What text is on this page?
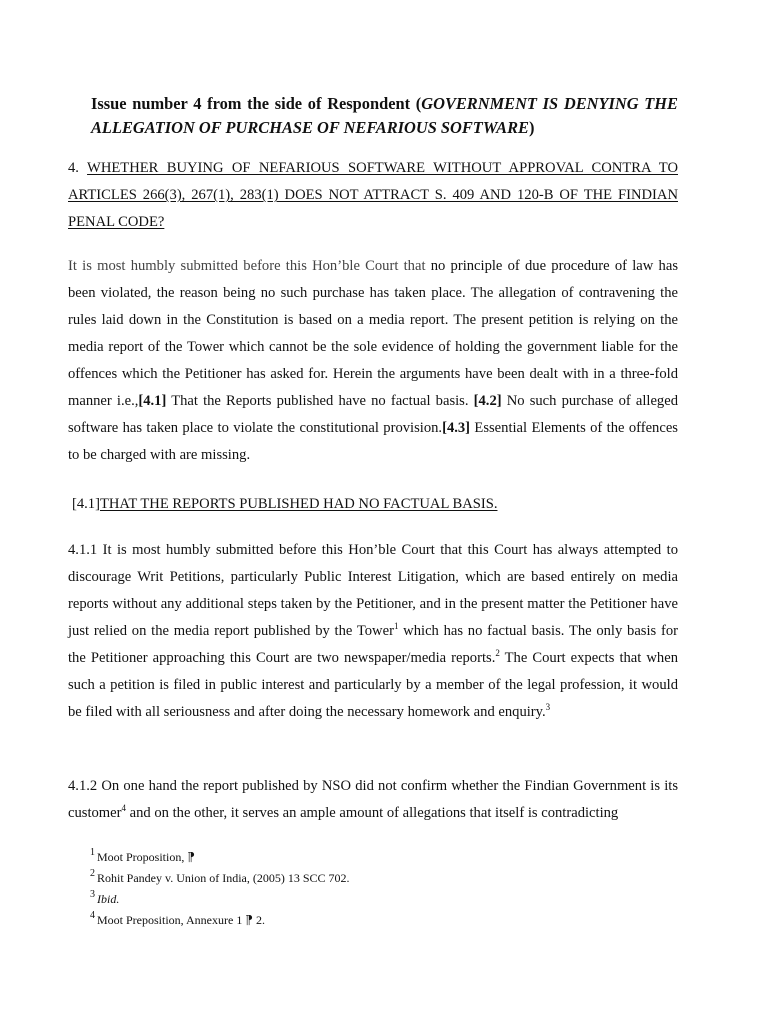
Issue number 4 from the side of Respondent (GOVERNMENT IS DENYING THE ALLEGATION OF PURCHASE OF NEFARIOUS SOFTWARE)
4. WHETHER BUYING OF NEFARIOUS SOFTWARE WITHOUT APPROVAL CONTRA TO ARTICLES 266(3), 267(1), 283(1) DOES NOT ATTRACT S. 409 AND 120-B OF THE FINDIAN PENAL CODE?
It is most humbly submitted before this Hon’ble Court that no principle of due procedure of law has been violated, the reason being no such purchase has taken place. The allegation of contravening the rules laid down in the Constitution is based on a media report. The present petition is relying on the media report of the Tower which cannot be the sole evidence of holding the government liable for the offences which the Petitioner has asked for. Herein the arguments have been dealt with in a three-fold manner i.e.,[4.1] That the Reports published have no factual basis. [4.2] No such purchase of alleged software has taken place to violate the constitutional provision.[4.3] Essential Elements of the offences to be charged with are missing.
[4.1]THAT THE REPORTS PUBLISHED HAD NO FACTUAL BASIS.
4.1.1 It is most humbly submitted before this Hon’ble Court that this Court has always attempted to discourage Writ Petitions, particularly Public Interest Litigation, which are based entirely on media reports without any additional steps taken by the Petitioner, and in the present matter the Petitioner have just relied on the media report published by the Tower$^1$ which has no factual basis. The only basis for the Petitioner approaching this Court are two newspaper/media reports.$^2$ The Court expects that when such a petition is filed in public interest and particularly by a member of the legal profession, it would be filed with all seriousness and after doing the necessary homework and enquiry.$^3$
4.1.2 On one hand the report published by NSO did not confirm whether the Findian Government is its customer$^4$ and on the other, it serves an ample amount of allegations that itself is contradicting
$^1$ Moot Proposition, ⁋
$^2$ Rohit Pandey v. Union of India, (2005) 13 SCC 702.
$^3$ Ibid.
$^4$ Moot Preposition, Annexure 1 ⁋ 2.
